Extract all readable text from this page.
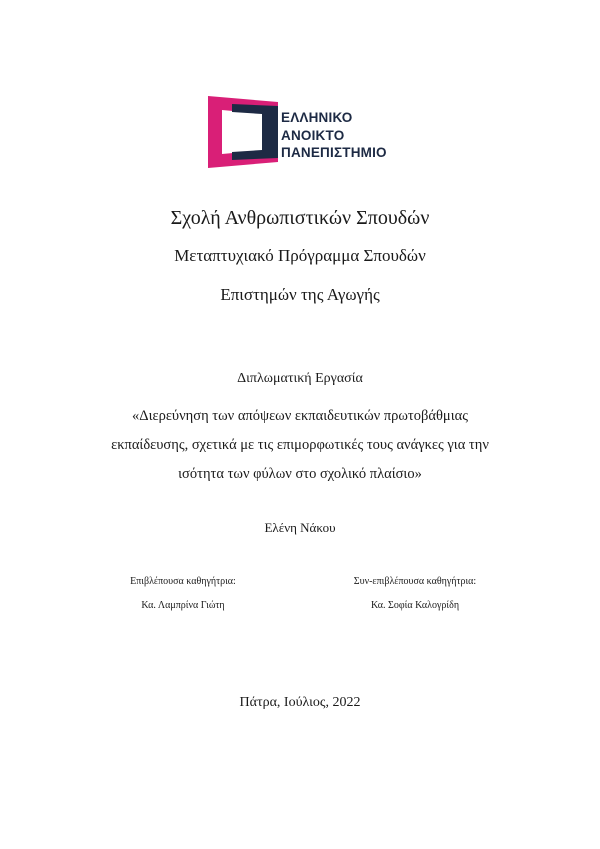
ΕΛΛΗΝΙΚΟ
ΑΝΟΙΚΤΟ
ΠΑΝΕΠΙΣΤΗΜΙΟ
Σχολή Ανθρωπιστικών Σπουδών
Μεταπτυχιακό Πρόγραμμα Σπουδών
Επιστημών της Αγωγής
Διπλωματική Εργασία
«Διερεύνηση των απόψεων εκπαιδευτικών πρωτοβάθμιας
εκπαίδευσης, σχετικά με τις επιμορφωτικές τους ανάγκες για την
ισότητα των φύλων στο σχολικό πλαίσιο»
Ελένη Νάκου
Επιβλέπουσα καθηγήτρια:
Κα. Λαμπρίνα Γιώτη
Συν-επιβλέπουσα καθηγήτρια:
Κα. Σοφία Καλογρίδη
Πάτρα, Ιούλιος, 2022
